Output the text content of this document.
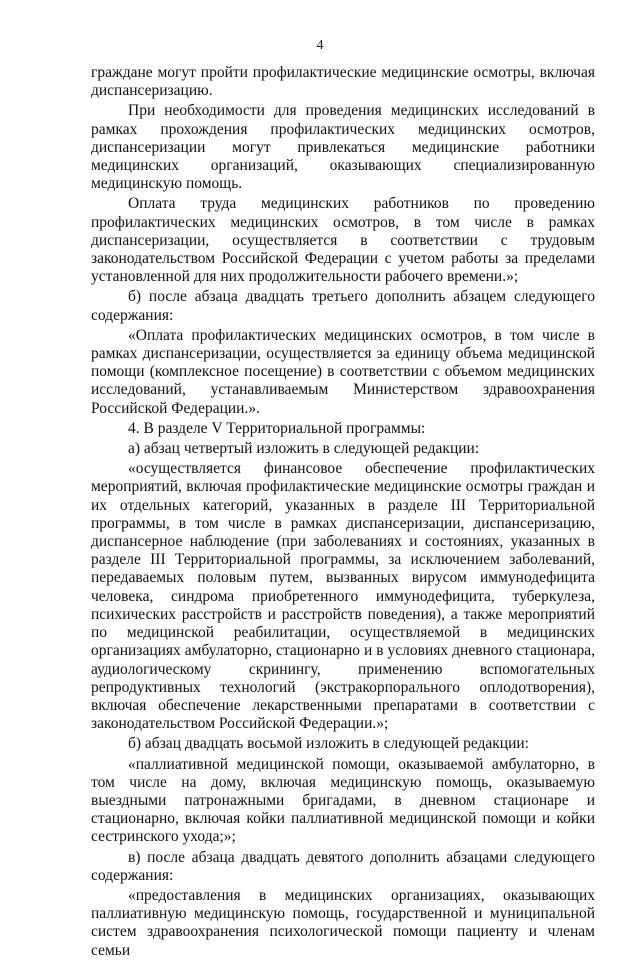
4

граждане могут пройти профилактические медицинские осмотры, включая диспансеризацию.

При необходимости для проведения медицинских исследований в рамках прохождения профилактических медицинских осмотров, диспансеризации могут привлекаться медицинские работники медицинских организаций, оказывающих специализированную медицинскую помощь.

Оплата труда медицинских работников по проведению профилактических медицинских осмотров, в том числе в рамках диспансеризации, осуществляется в соответствии с трудовым законодательством Российской Федерации с учетом работы за пределами установленной для них продолжительности рабочего времени.»;

б) после абзаца двадцать третьего дополнить абзацем следующего содержания:

«Оплата профилактических медицинских осмотров, в том числе в рамках диспансеризации, осуществляется за единицу объема медицинской помощи (комплексное посещение) в соответствии с объемом медицинских исследований, устанавливаемым Министерством здравоохранения Российской Федерации.».

4. В разделе V Территориальной программы:

а) абзац четвертый изложить в следующей редакции:

«осуществляется финансовое обеспечение профилактических мероприятий, включая профилактические медицинские осмотры граждан и их отдельных категорий, указанных в разделе III Территориальной программы, в том числе в рамках диспансеризации, диспансеризацию, диспансерное наблюдение (при заболеваниях и состояниях, указанных в разделе III Территориальной программы, за исключением заболеваний, передаваемых половым путем, вызванных вирусом иммунодефицита человека, синдрома приобретенного иммунодефицита, туберкулеза, психических расстройств и расстройств поведения), а также мероприятий по медицинской реабилитации, осуществляемой в медицинских организациях амбулаторно, стационарно и в условиях дневного стационара, аудиологическому скринингу, применению вспомогательных репродуктивных технологий (экстракорпорального оплодотворения), включая обеспечение лекарственными препаратами в соответствии с законодательством Российской Федерации.»;

б) абзац двадцать восьмой изложить в следующей редакции:

«паллиативной медицинской помощи, оказываемой амбулаторно, в том числе на дому, включая медицинскую помощь, оказываемую выездными патронажными бригадами, в дневном стационаре и стационарно, включая койки паллиативной медицинской помощи и койки сестринского ухода;»;

в) после абзаца двадцать девятого дополнить абзацами следующего содержания:

«предоставления в медицинских организациях, оказывающих паллиативную медицинскую помощь, государственной и муниципальной систем здравоохранения психологической помощи пациенту и членам семьи
